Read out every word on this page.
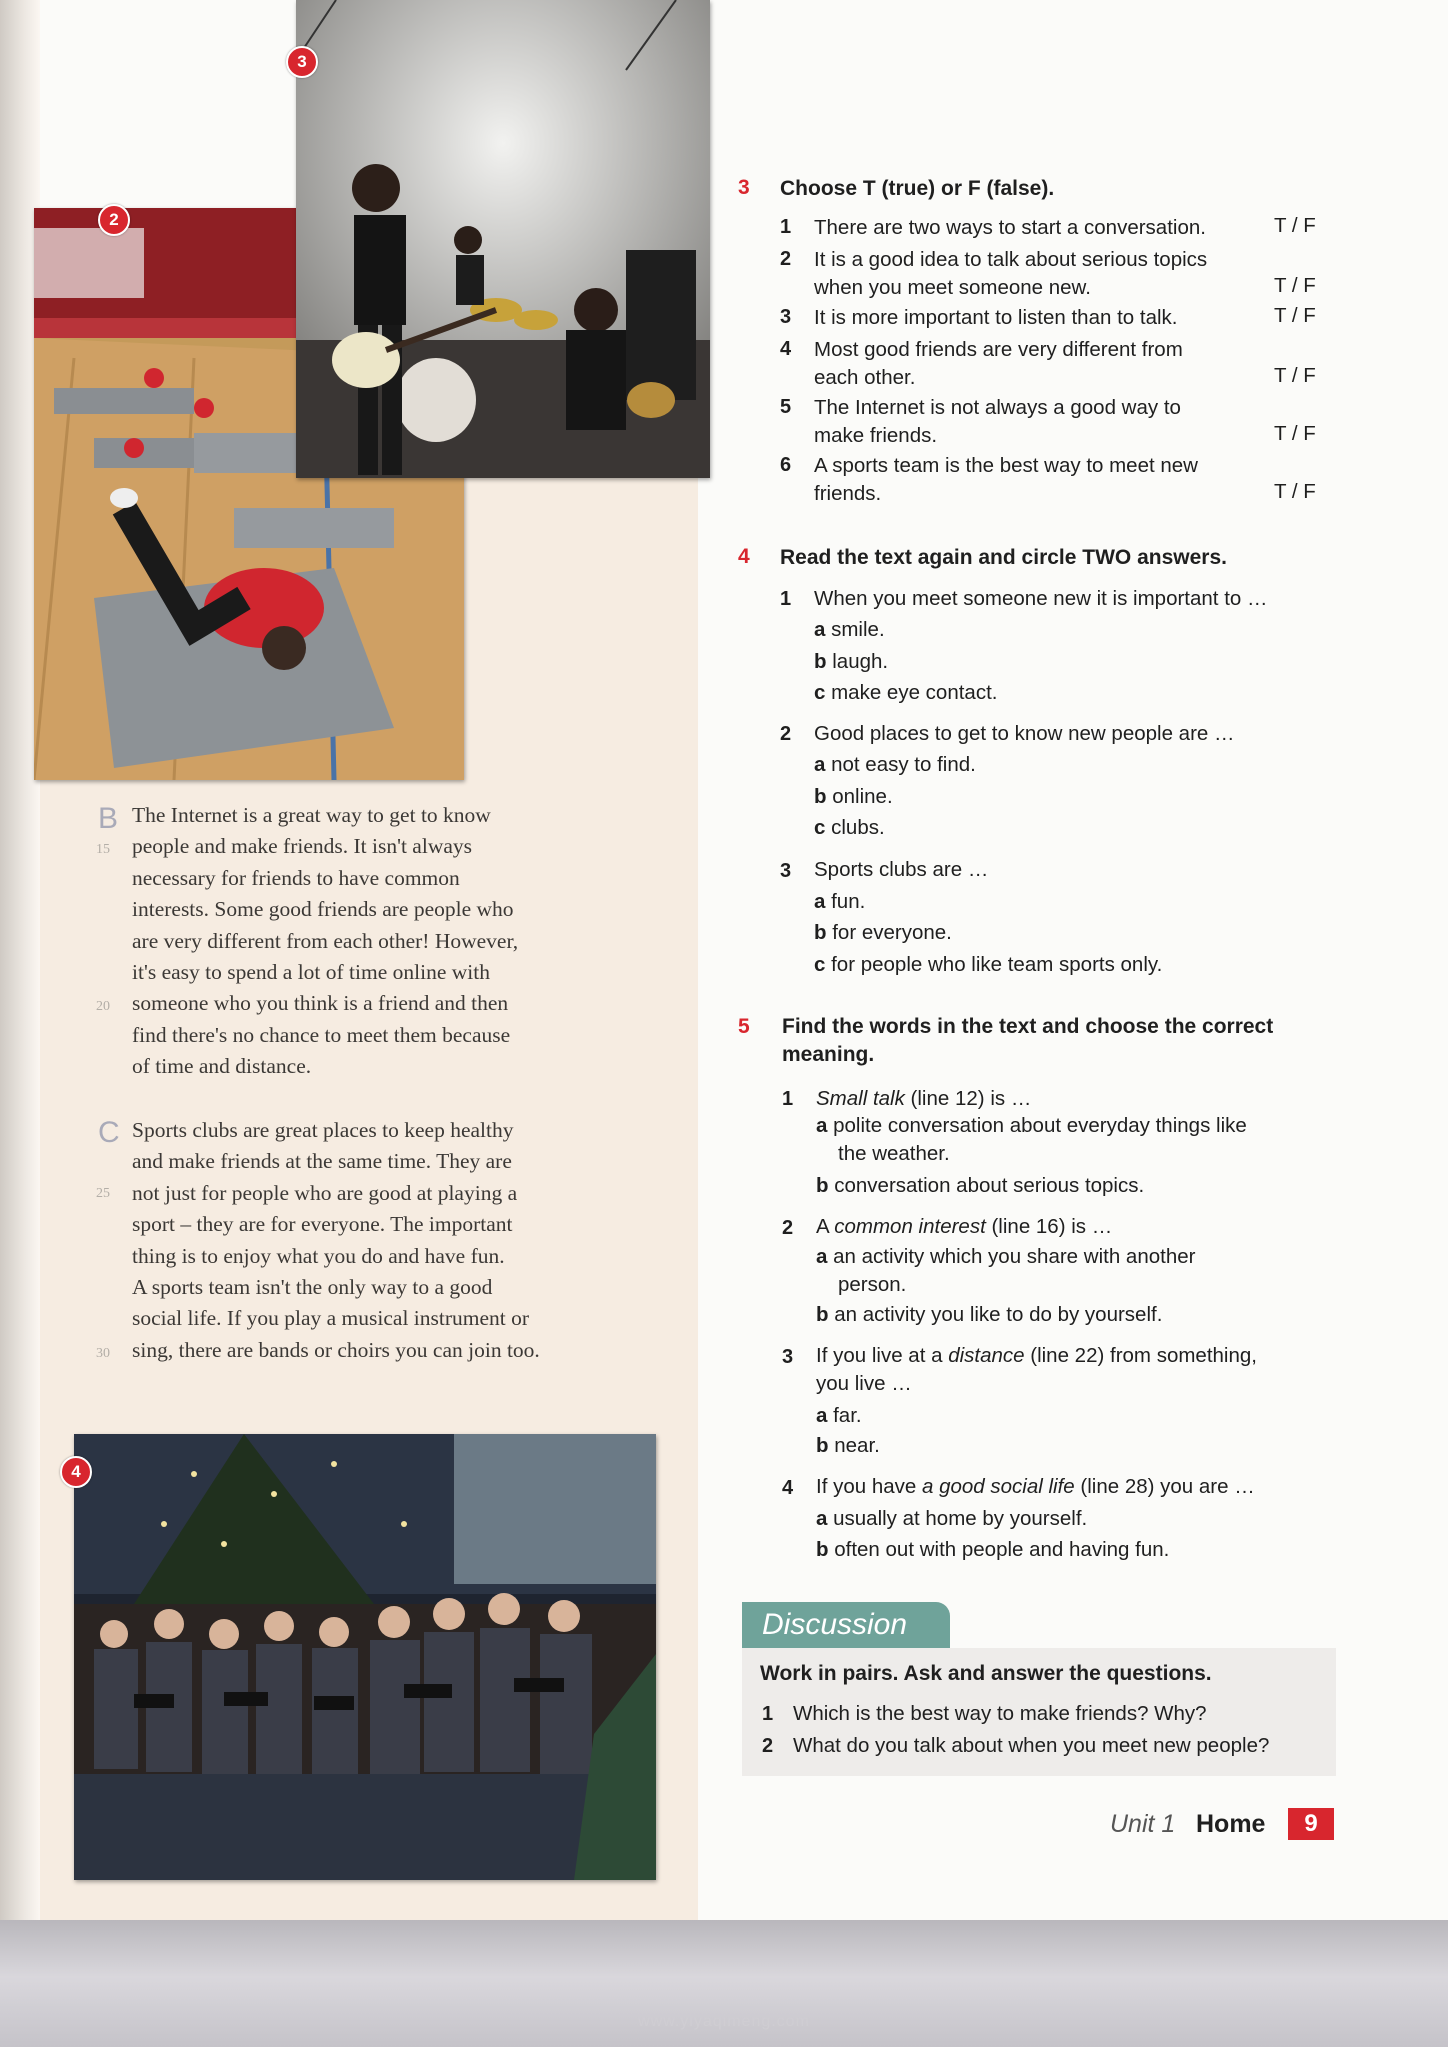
www.yiyaqimeng.com
2
3
B
15
20
The Internet is a great way to get to know
people and make friends. It isn't always
necessary for friends to have common
interests. Some good friends are people who
are very different from each other! However,
it's easy to spend a lot of time online with
someone who you think is a friend and then
find there's no chance to meet them because
of time and distance.
C
25
30
Sports clubs are great places to keep healthy
and make friends at the same time. They are
not just for people who are good at playing a
sport – they are for everyone. The important
thing is to enjoy what you do and have fun.
A sports team isn't the only way to a good
social life. If you play a musical instrument or
sing, there are bands or choirs you can join too.
4
3 Choose T (true) or F (false).
1 There are two ways to start a conversation.	T / F
2 It is a good idea to talk about serious topics
when you meet someone new.	T / F
3 It is more important to listen than to talk.	T / F
4 Most good friends are very different from
each other.	T / F
5 The Internet is not always a good way to
make friends.	T / F
6 A sports team is the best way to meet new
friends.	T / F
4 Read the text again and circle TWO answers.
1 When you meet someone new it is important to …
a smile.
b laugh.
c make eye contact.
2 Good places to get to know new people are …
a not easy to find.
b online.
c clubs.
3 Sports clubs are …
a fun.
b for everyone.
c for people who like team sports only.
5 Find the words in the text and choose the correct
meaning.
1 Small talk (line 12) is …
a polite conversation about everyday things like
the weather.
b conversation about serious topics.
2 A common interest (line 16) is …
a an activity which you share with another
person.
b an activity you like to do by yourself.
3 If you live at a distance (line 22) from something,
you live …
a far.
b near.
4 If you have a good social life (line 28) you are …
a usually at home by yourself.
b often out with people and having fun.
Discussion
Work in pairs. Ask and answer the questions.
1 Which is the best way to make friends? Why?
2 What do you talk about when you meet new people?
Unit 1 Home	9
